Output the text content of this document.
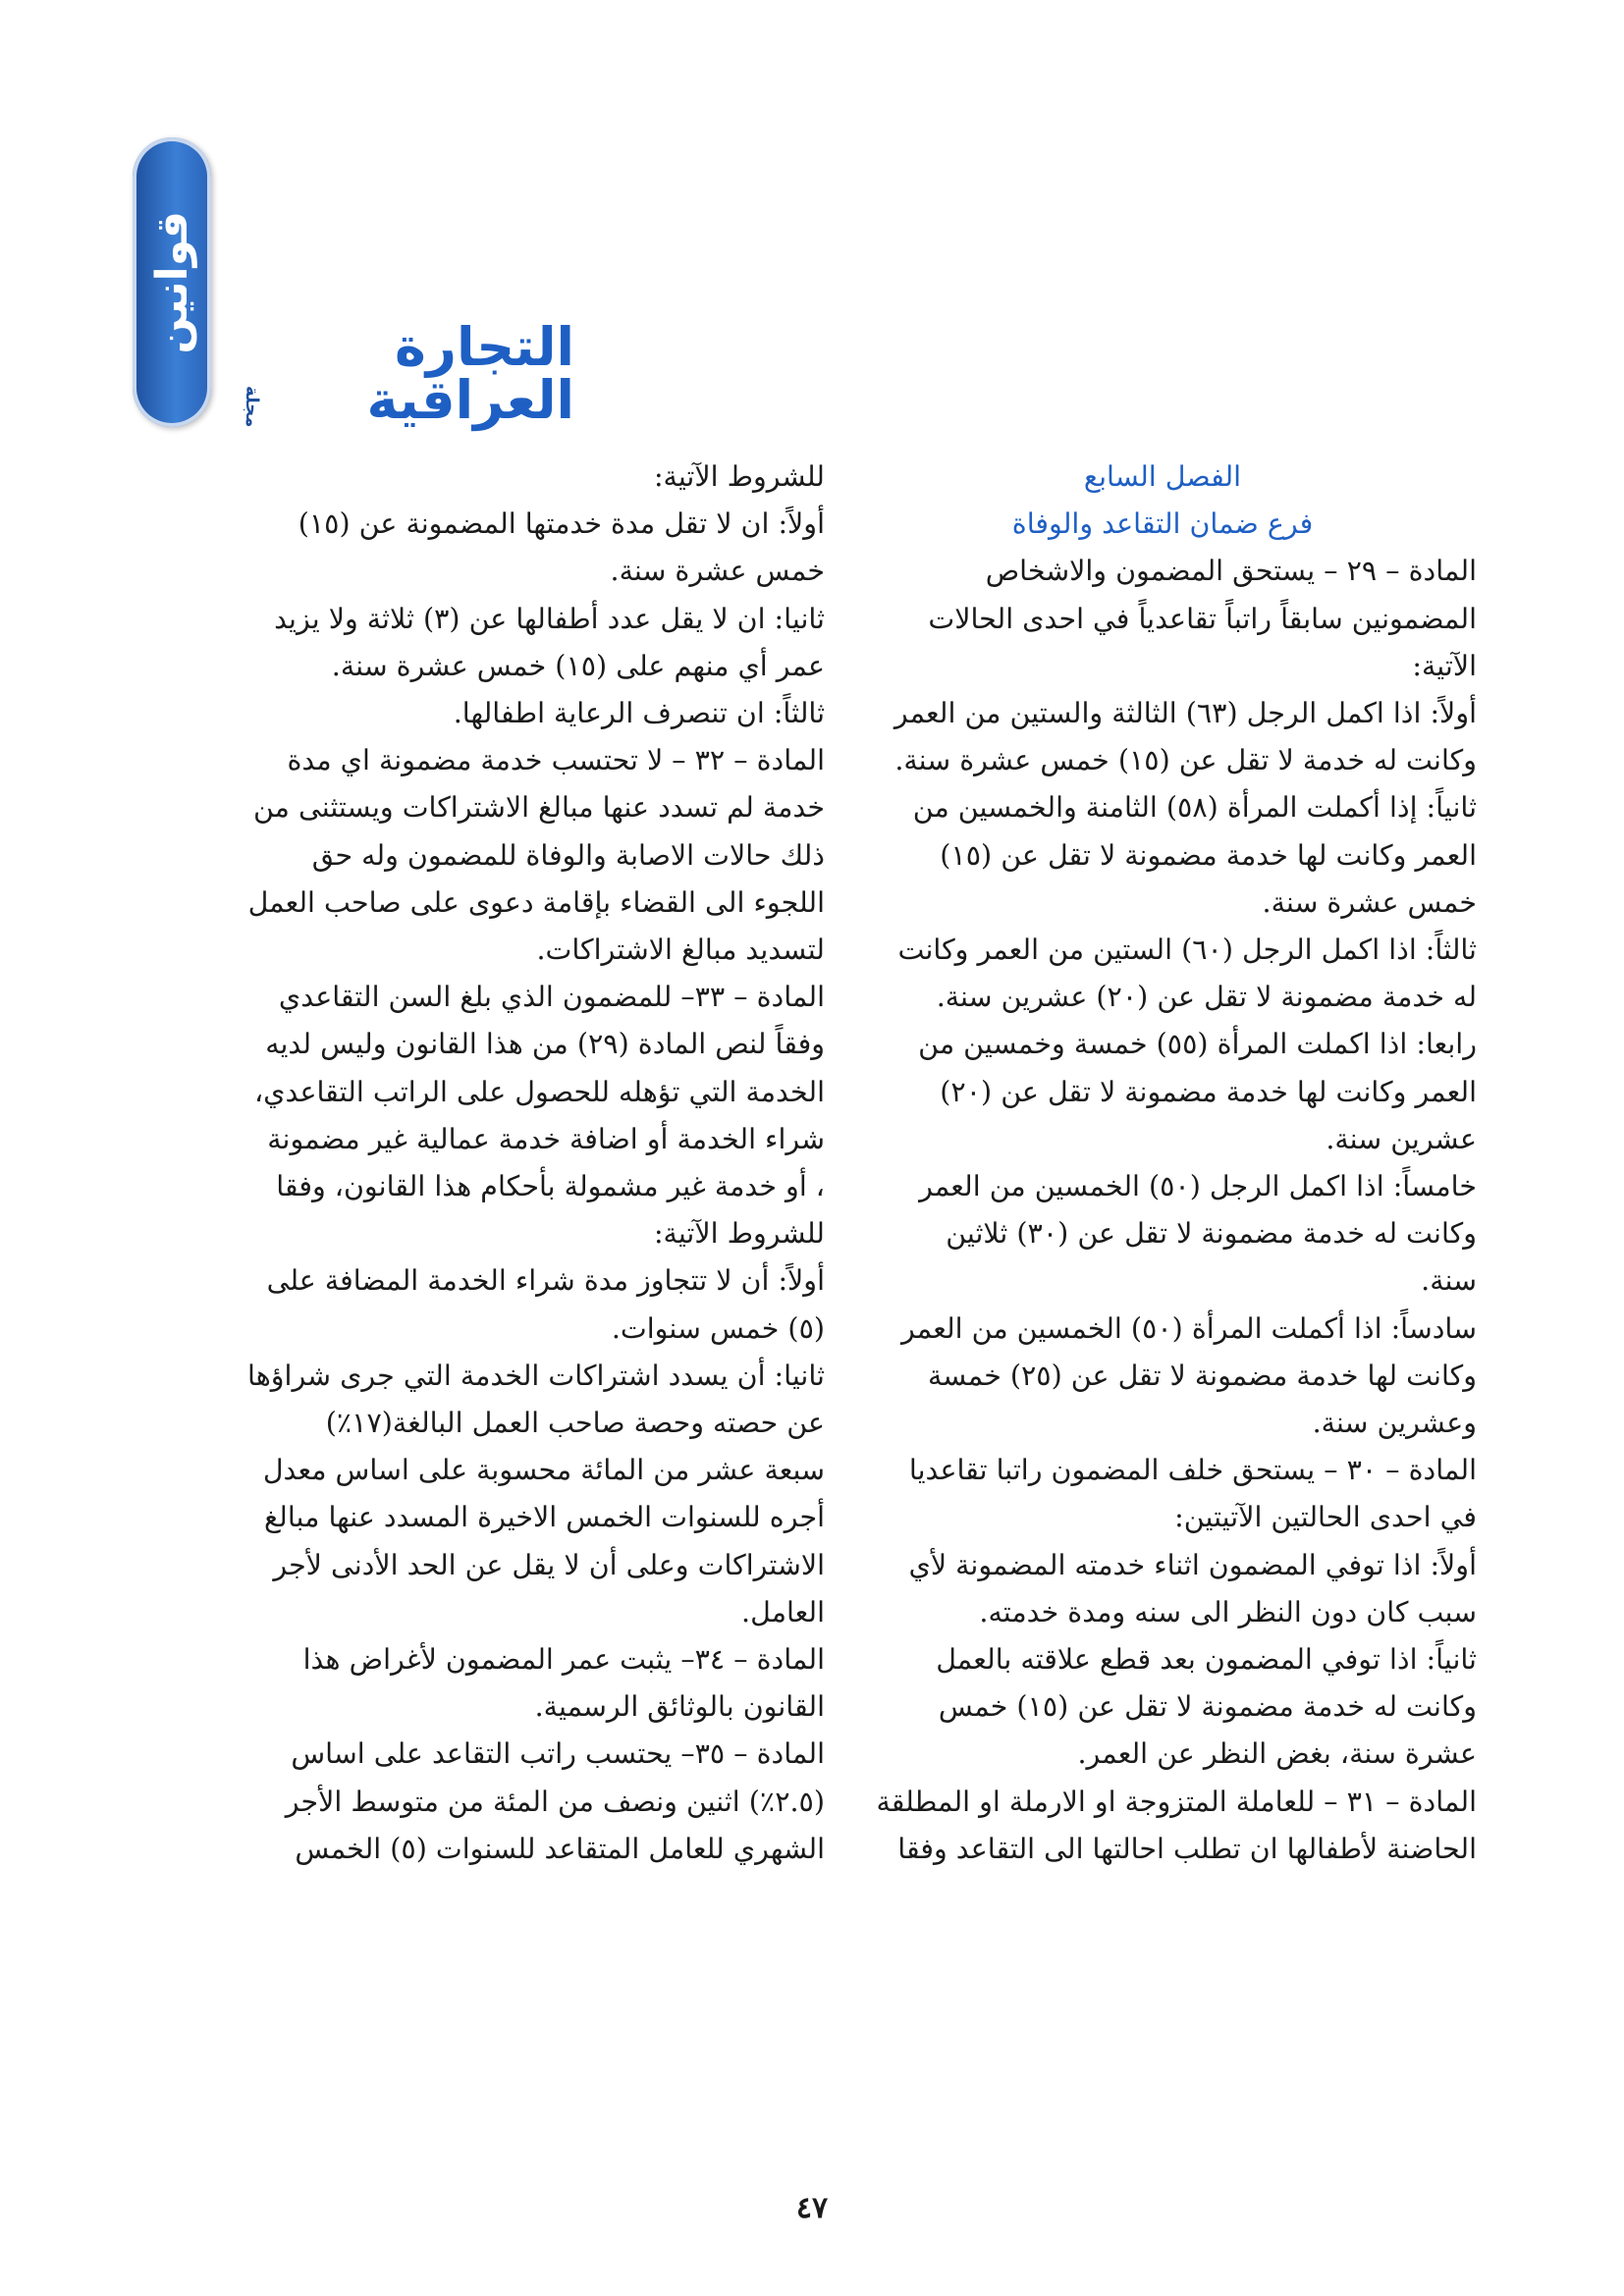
قوانين	التجارة العراقية
مجلة

الفصل السابع

فرع ضمان التقاعد والوفاة

المادة – ٢٩ – يستحق المضمون والاشخاص

المضمونين سابقاً راتباً تقاعدياً في احدى الحالات

الآتية:

أولاً: اذا اكمل الرجل (٦٣) الثالثة والستين من العمر

وكانت له خدمة لا تقل عن (١٥) خمس عشرة سنة.

ثانياً: إذا أكملت المرأة (٥٨) الثامنة والخمسين من

العمر وكانت لها خدمة مضمونة لا تقل عن (١٥)

خمس عشرة سنة.

ثالثاً: اذا اكمل الرجل (٦٠) الستين من العمر وكانت

له خدمة مضمونة لا تقل عن (٢٠) عشرين سنة.

رابعا: اذا اكملت المرأة (٥٥) خمسة وخمسين من

العمر وكانت لها خدمة مضمونة لا تقل عن (٢٠)

عشرين سنة.

خامساً: اذا اكمل الرجل (٥٠) الخمسين من العمر

وكانت له خدمة مضمونة لا تقل عن (٣٠) ثلاثين

سنة.

سادساً: اذا أكملت المرأة (٥٠) الخمسين من العمر

وكانت لها خدمة مضمونة لا تقل عن (٢٥) خمسة

وعشرين سنة.

المادة – ٣٠ – يستحق خلف المضمون راتبا تقاعديا

في احدى الحالتين الآتيتين:

أولاً: اذا توفي المضمون اثناء خدمته المضمونة لأي

سبب كان دون النظر الى سنه ومدة خدمته.

ثانياً: اذا توفي المضمون بعد قطع علاقته بالعمل

وكانت له خدمة مضمونة لا تقل عن (١٥) خمس

عشرة سنة، بغض النظر عن العمر.

المادة – ٣١ – للعاملة المتزوجة او الارملة او المطلقة

الحاضنة لأطفالها ان تطلب احالتها الى التقاعد وفقا

للشروط الآتية:

أولاً: ان لا تقل مدة خدمتها المضمونة عن (١٥)

خمس عشرة سنة.

ثانيا: ان لا يقل عدد أطفالها عن (٣) ثلاثة ولا يزيد

عمر أي منهم على (١٥) خمس عشرة سنة.

ثالثاً: ان تنصرف الرعاية اطفالها.

المادة – ٣٢ – لا تحتسب خدمة مضمونة اي مدة

خدمة لم تسدد عنها مبالغ الاشتراكات ويستثنى من

ذلك حالات الاصابة والوفاة للمضمون وله حق

اللجوء الى القضاء بإقامة دعوى على صاحب العمل

لتسديد مبالغ الاشتراكات.

المادة – ٣٣– للمضمون الذي بلغ السن التقاعدي

وفقاً لنص المادة (٢٩) من هذا القانون وليس لديه

الخدمة التي تؤهله للحصول على الراتب التقاعدي،

شراء الخدمة أو اضافة خدمة عمالية غير مضمونة

، أو خدمة غير مشمولة بأحكام هذا القانون، وفقا

للشروط الآتية:

أولاً: أن لا تتجاوز مدة شراء الخدمة المضافة على

(٥) خمس سنوات.

ثانيا: أن يسدد اشتراكات الخدمة التي جرى شراؤها

عن حصته وحصة صاحب العمل البالغة(١٧٪)

سبعة عشر من المائة محسوبة على اساس معدل

أجره للسنوات الخمس الاخيرة المسدد عنها مبالغ

الاشتراكات وعلى أن لا يقل عن الحد الأدنى لأجر

العامل.

المادة – ٣٤– يثبت عمر المضمون لأغراض هذا

القانون بالوثائق الرسمية.

المادة – ٣٥– يحتسب راتب التقاعد على اساس

(٢.٥٪) اثنين ونصف من المئة من متوسط الأجر

الشهري للعامل المتقاعد للسنوات (٥) الخمس

٤٧
